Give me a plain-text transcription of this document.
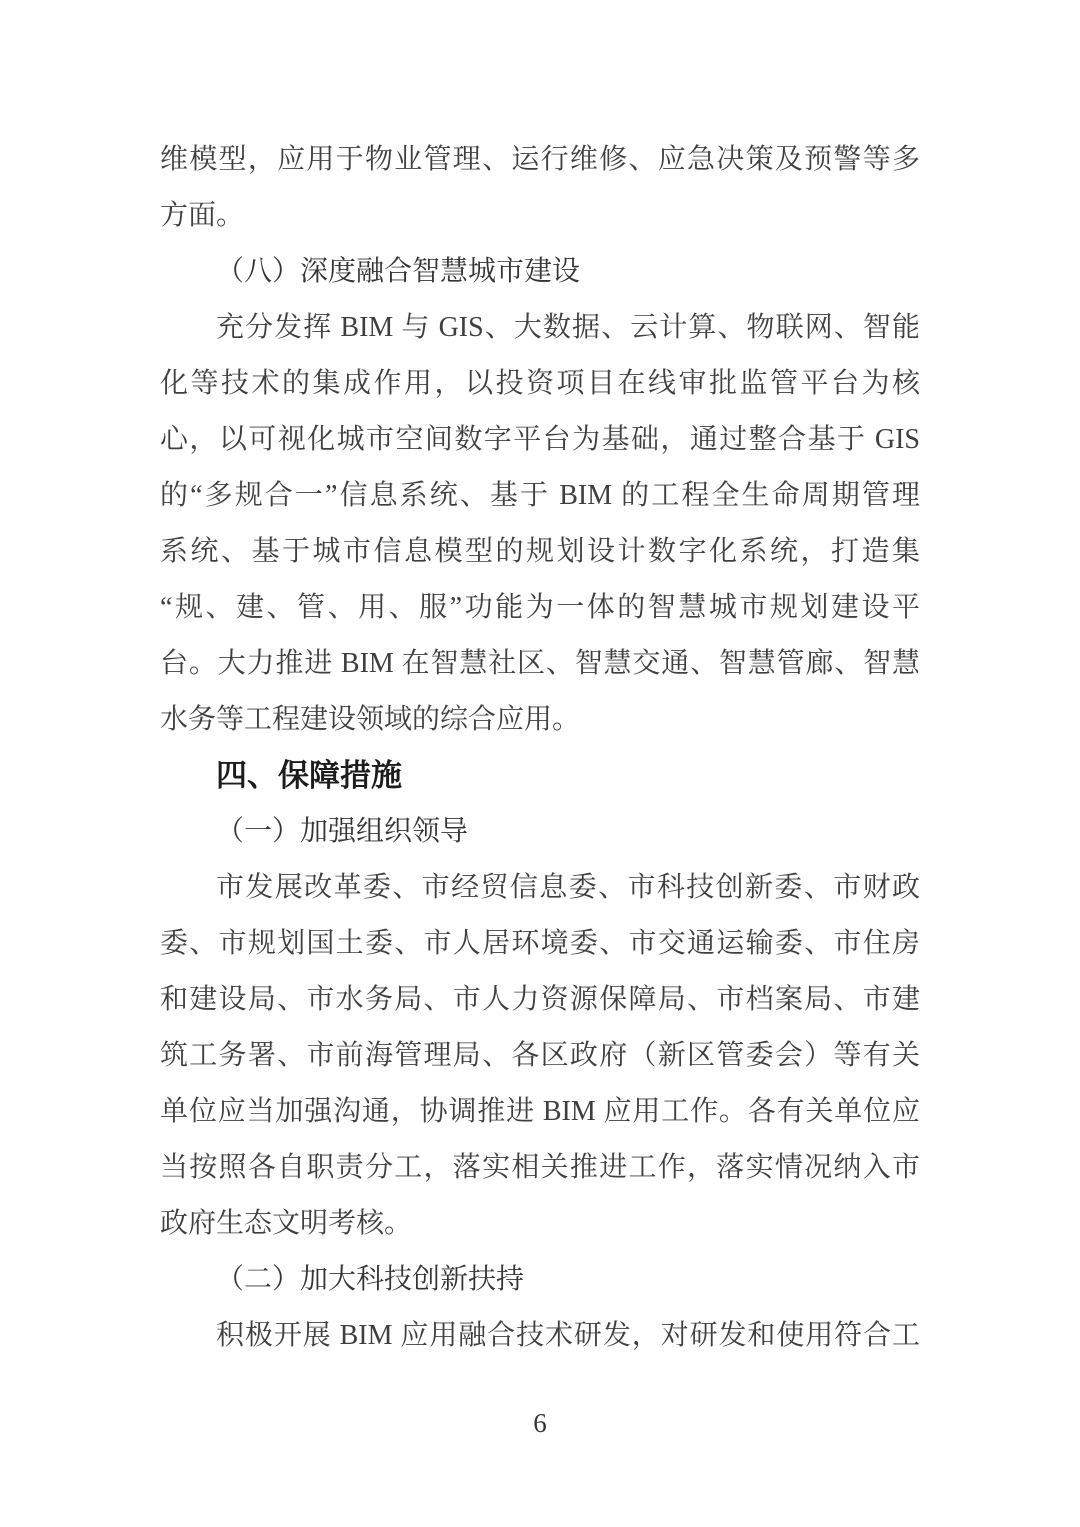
维模型，应用于物业管理、运行维修、应急决策及预警等多
方面。
（八）深度融合智慧城市建设
充分发挥 BIM 与 GIS、大数据、云计算、物联网、智能
化等技术的集成作用，以投资项目在线审批监管平台为核
心，以可视化城市空间数字平台为基础，通过整合基于 GIS
的“多规合一”信息系统、基于 BIM 的工程全生命周期管理
系统、基于城市信息模型的规划设计数字化系统，打造集
“规、建、管、用、服”功能为一体的智慧城市规划建设平
台。大力推进 BIM 在智慧社区、智慧交通、智慧管廊、智慧
水务等工程建设领域的综合应用。
四、保障措施
（一）加强组织领导
市发展改革委、市经贸信息委、市科技创新委、市财政
委、市规划国土委、市人居环境委、市交通运输委、市住房
和建设局、市水务局、市人力资源保障局、市档案局、市建
筑工务署、市前海管理局、各区政府（新区管委会）等有关
单位应当加强沟通，协调推进 BIM 应用工作。各有关单位应
当按照各自职责分工，落实相关推进工作，落实情况纳入市
政府生态文明考核。
（二）加大科技创新扶持
积极开展 BIM 应用融合技术研发，对研发和使用符合工
6
